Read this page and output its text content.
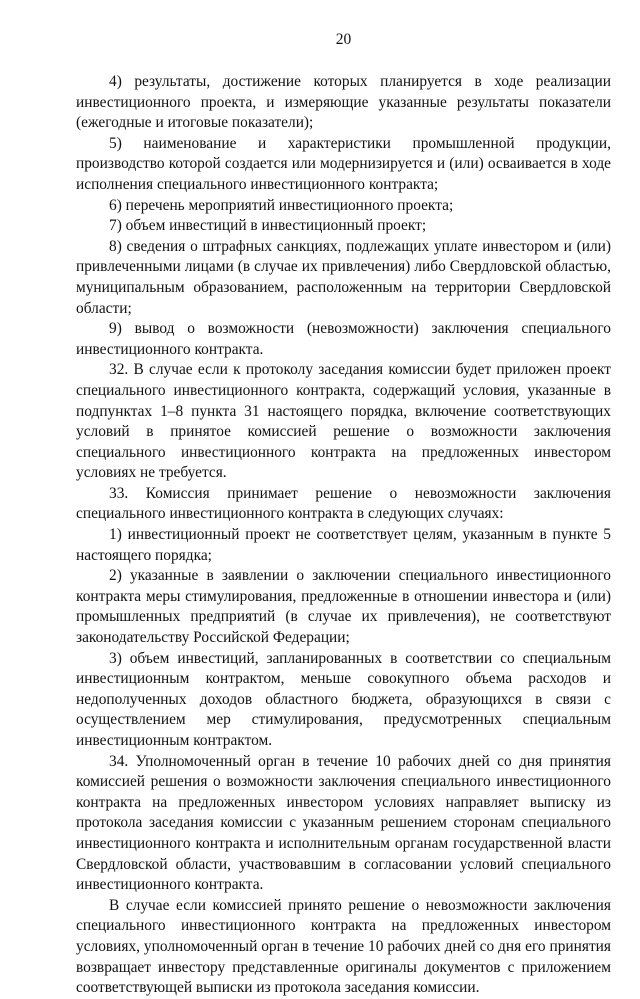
20

4) результаты, достижение которых планируется в ходе реализации инвестиционного проекта, и измеряющие указанные результаты показатели (ежегодные и итоговые показатели);

5) наименование и характеристики промышленной продукции, производство которой создается или модернизируется и (или) осваивается в ходе исполнения специального инвестиционного контракта;

6) перечень мероприятий инвестиционного проекта;

7) объем инвестиций в инвестиционный проект;

8) сведения о штрафных санкциях, подлежащих уплате инвестором и (или) привлеченными лицами (в случае их привлечения) либо Свердловской областью, муниципальным образованием, расположенным на территории Свердловской области;

9) вывод о возможности (невозможности) заключения специального инвестиционного контракта.

32. В случае если к протоколу заседания комиссии будет приложен проект специального инвестиционного контракта, содержащий условия, указанные в подпунктах 1–8 пункта 31 настоящего порядка, включение соответствующих условий в принятое комиссией решение о возможности заключения специального инвестиционного контракта на предложенных инвестором условиях не требуется.

33. Комиссия принимает решение о невозможности заключения специального инвестиционного контракта в следующих случаях:

1) инвестиционный проект не соответствует целям, указанным в пункте 5 настоящего порядка;

2) указанные в заявлении о заключении специального инвестиционного контракта меры стимулирования, предложенные в отношении инвестора и (или) промышленных предприятий (в случае их привлечения), не соответствуют законодательству Российской Федерации;

3) объем инвестиций, запланированных в соответствии со специальным инвестиционным контрактом, меньше совокупного объема расходов и недополученных доходов областного бюджета, образующихся в связи с осуществлением мер стимулирования, предусмотренных специальным инвестиционным контрактом.

34. Уполномоченный орган в течение 10 рабочих дней со дня принятия комиссией решения о возможности заключения специального инвестиционного контракта на предложенных инвестором условиях направляет выписку из протокола заседания комиссии с указанным решением сторонам специального инвестиционного контракта и исполнительным органам государственной власти Свердловской области, участвовавшим в согласовании условий специального инвестиционного контракта.

В случае если комиссией принято решение о невозможности заключения специального инвестиционного контракта на предложенных инвестором условиях, уполномоченный орган в течение 10 рабочих дней со дня его принятия возвращает инвестору представленные оригиналы документов с приложением соответствующей выписки из протокола заседания комиссии.
